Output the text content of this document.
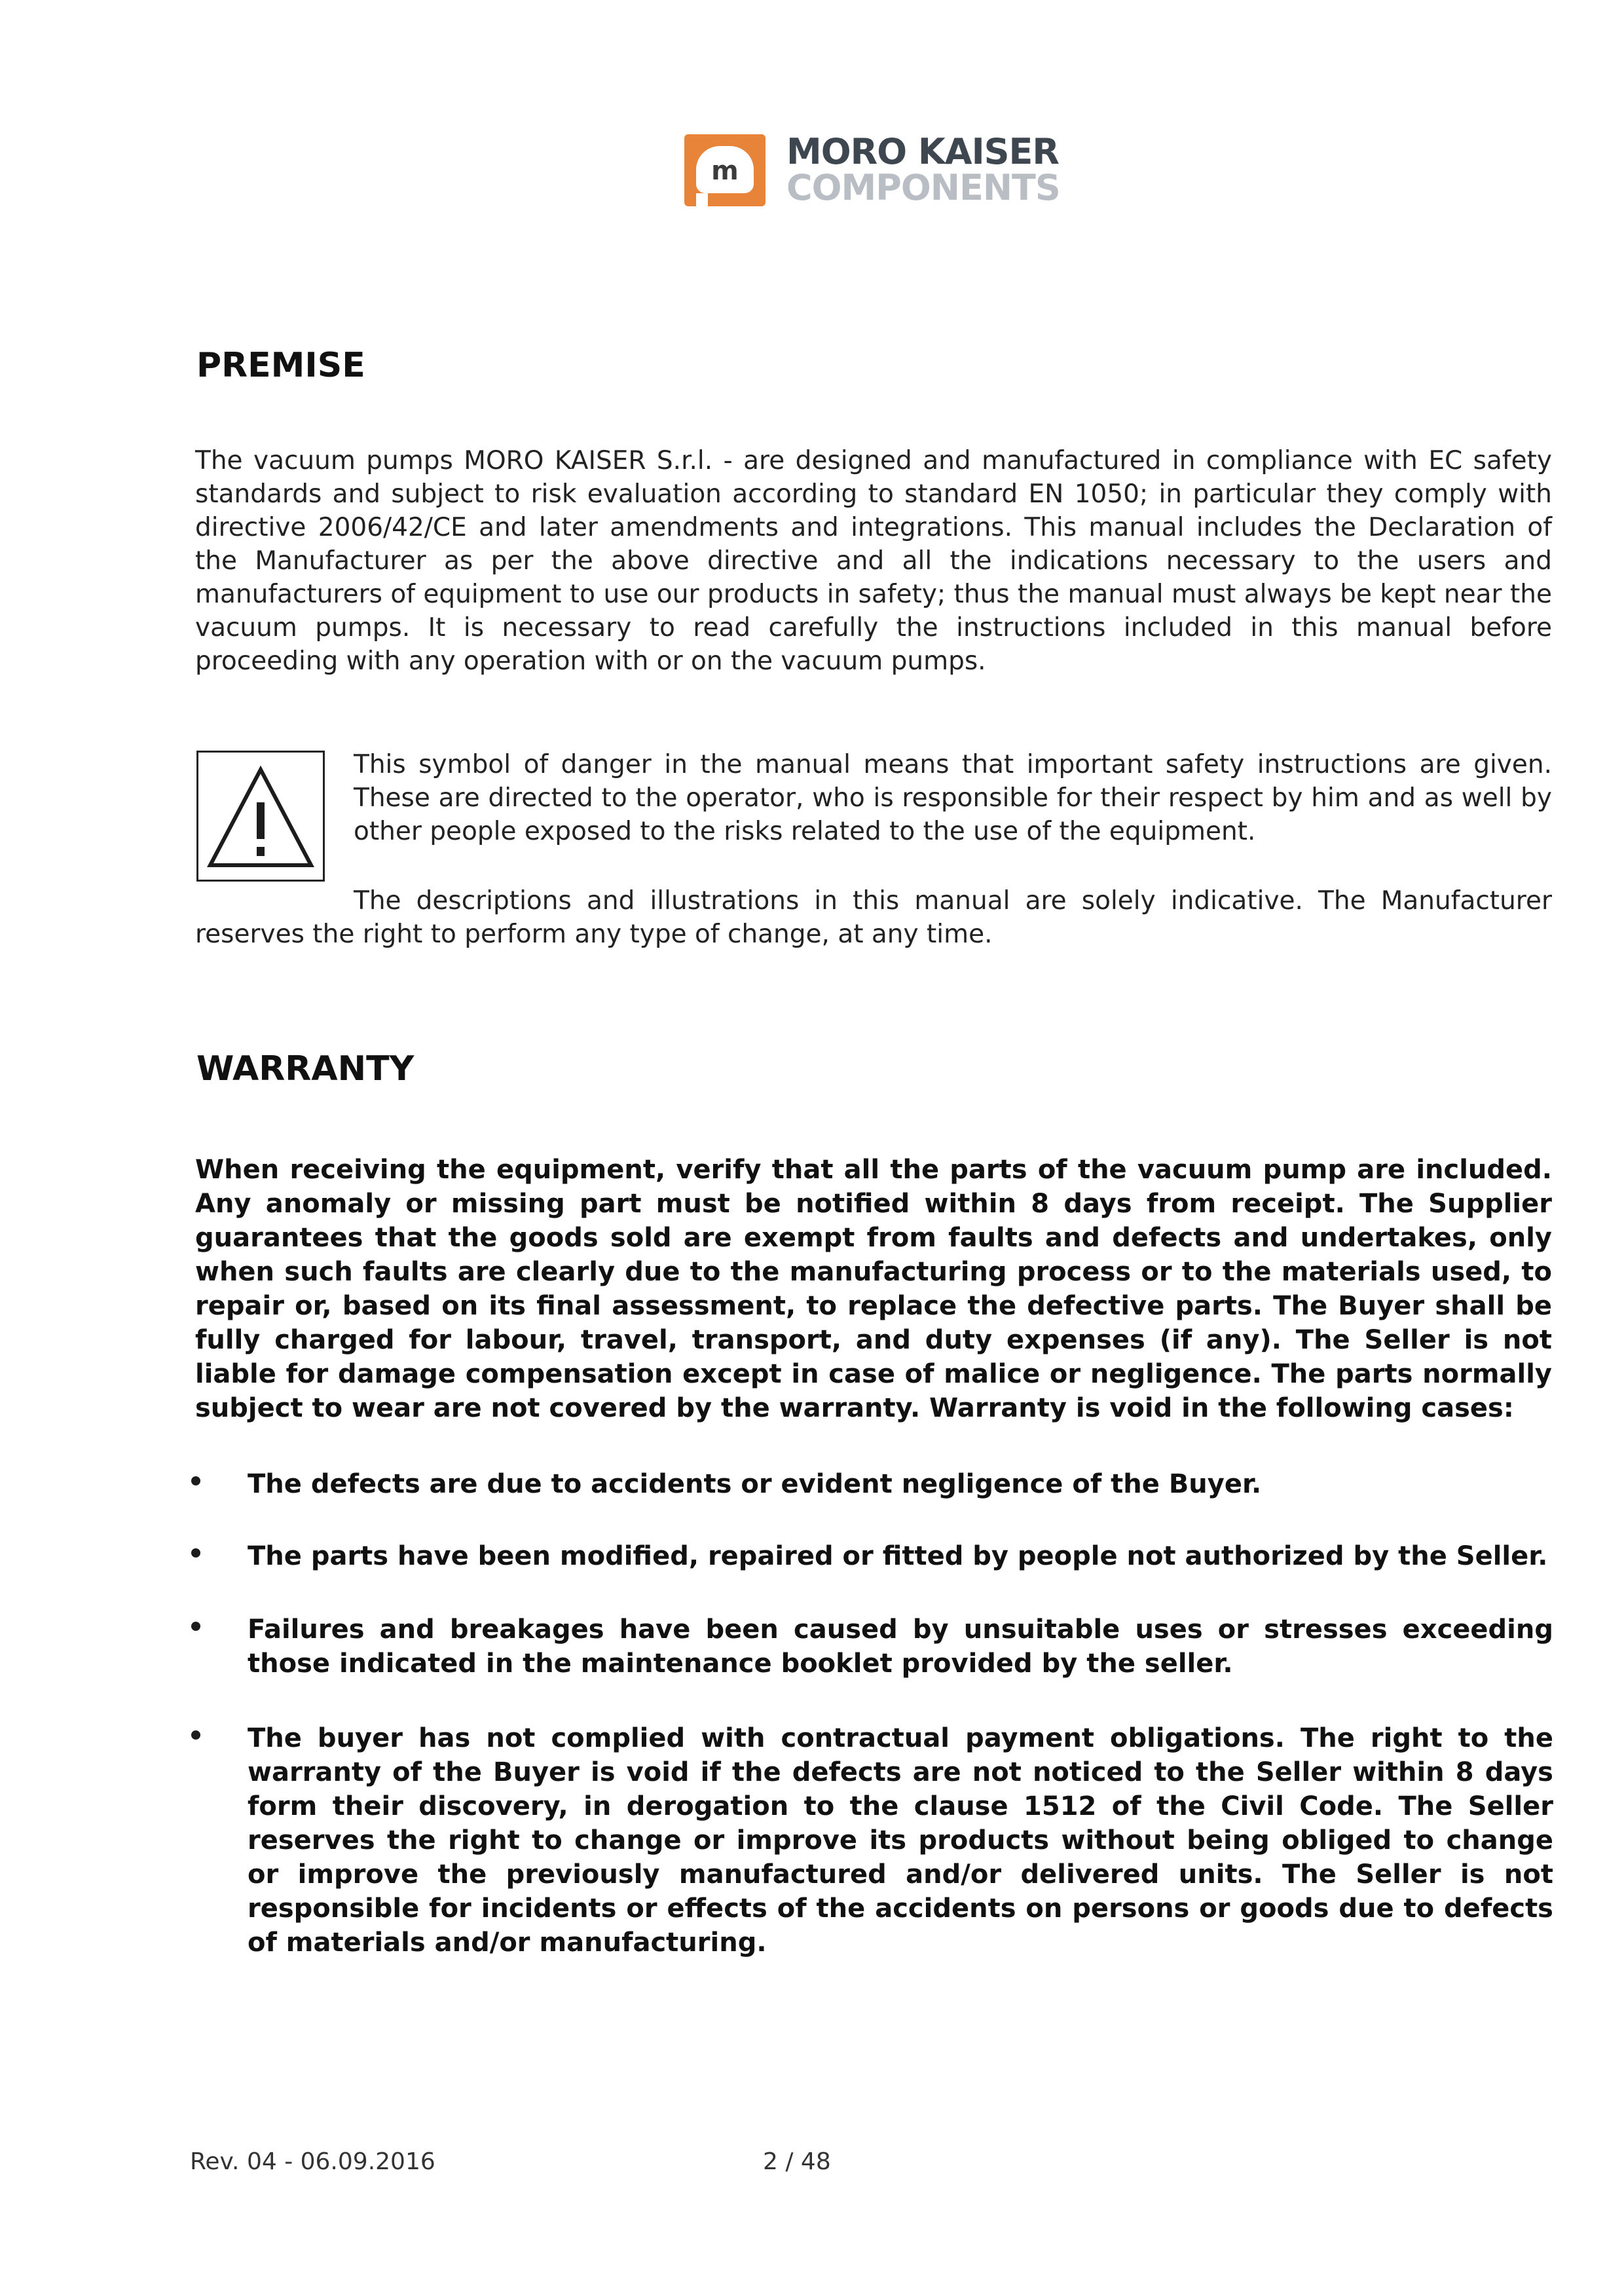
m	MORO KAISER
COMPONENTS
PREMISE

The vacuum pumps MORO KAISER S.r.l. - are designed and manufactured in compliance with EC safety standards and subject to risk evaluation according to standard EN 1050; in particular they comply with directive 2006/42/CE and later amendments and integrations. This manual includes the Declaration of the Manufacturer as per the above directive and all the indications necessary to the users and manufacturers of equipment to use our products in safety; thus the manual must always be kept near the vacuum pumps. It is necessary to read carefully the instructions included in this manual before proceeding with any operation with or on the vacuum pumps.

This symbol of danger in the manual means that important safety instructions are given. These are directed to the operator, who is responsible for their respect by him and as well by other people exposed to the risks related to the use of the equipment.

The descriptions and illustrations in this manual are solely indicative. The Manufacturer

reserves the right to perform any type of change, at any time.

WARRANTY

When receiving the equipment, verify that all the parts of the vacuum pump are included. Any anomaly or missing part must be notified within 8 days from receipt. The Supplier guarantees that the goods sold are exempt from faults and defects and undertakes, only when such faults are clearly due to the manufacturing process or to the materials used, to repair or, based on its final assessment, to replace the defective parts. The Buyer shall be fully charged for labour, travel, transport, and duty expenses (if any). The Seller is not liable for damage compensation except in case of malice or negligence. The parts normally subject to wear are not covered by the warranty. Warranty is void in the following cases:

The defects are due to accidents or evident negligence of the Buyer.

The parts have been modified, repaired or fitted by people not authorized by the Seller.

Failures and breakages have been caused by unsuitable uses or stresses exceeding those indicated in the maintenance booklet provided by the seller.

The buyer has not complied with contractual payment obligations. The right to the warranty of the Buyer is void if the defects are not noticed to the Seller within 8 days form their discovery, in derogation to the clause 1512 of the Civil Code. The Seller reserves the right to change or improve its products without being obliged to change or improve the previously manufactured and/or delivered units. The Seller is not responsible for incidents or effects of the accidents on persons or goods due to defects of materials and/or manufacturing.

Rev. 04 - 06.09.2016	2 / 48
